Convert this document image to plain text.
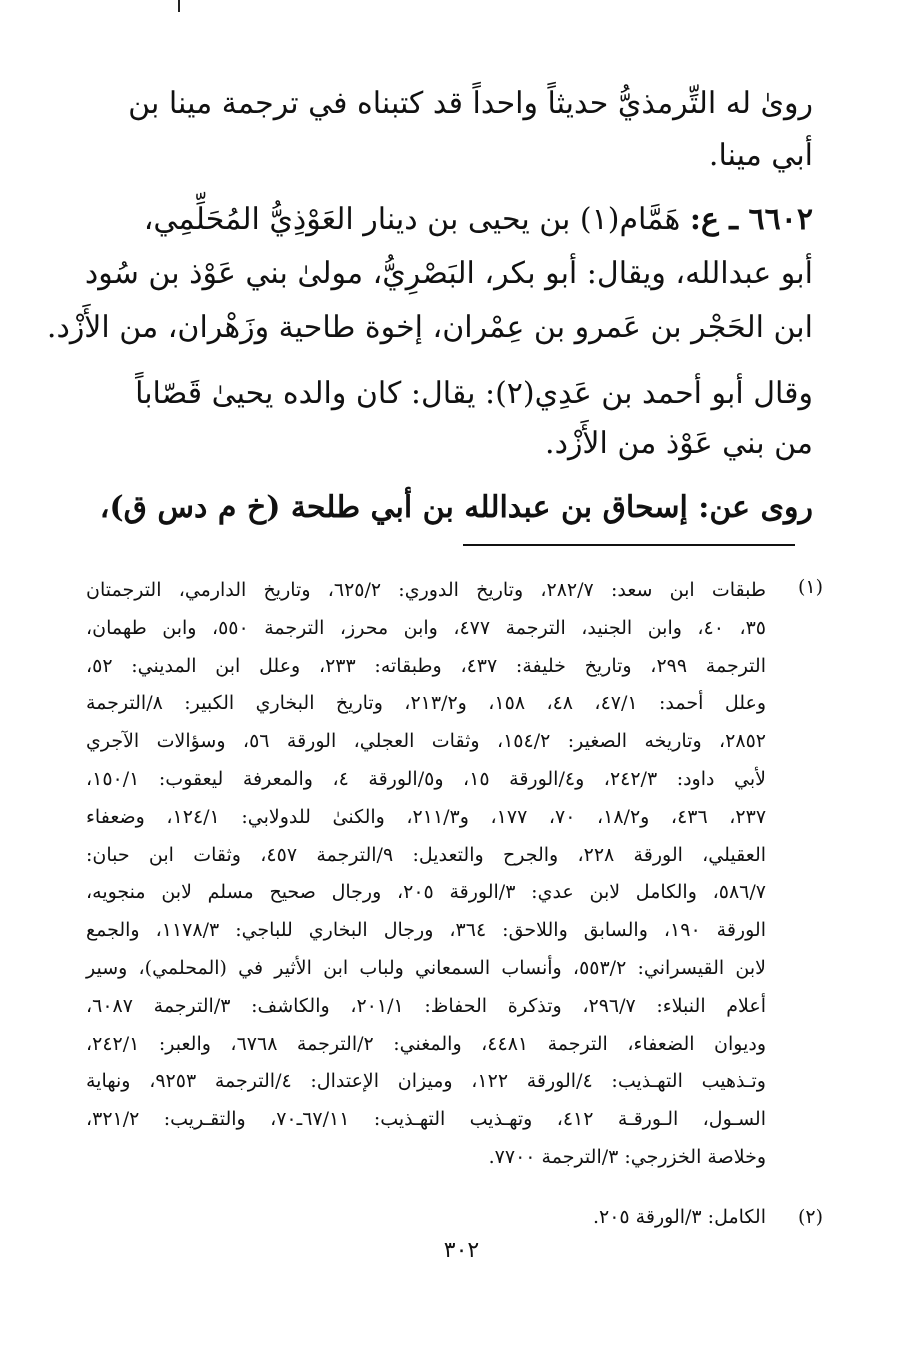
روىٰ له التِّرمذيُّ حديثاً واحداً قد كتبناه في ترجمة مينا بن
أبي مينا.
٦٦٠٢ ـ ع: هَمَّام(١) بن يحيى بن دينار العَوْذِيُّ المُحَلِّمِي،
أبو عبدالله، ويقال: أبو بكر، البَصْرِيُّ، مولىٰ بني عَوْذ بن سُود
ابن الحَجْر بن عَمرو بن عِمْران، إخوة طاحية وزَهْران، من الأَزْد.
وقال أبو أحمد بن عَدِي(٢): يقال: كان والده يحيىٰ قَصّاباً
من بني عَوْذ من الأَزْد.
روى عن: إسحاق بن عبدالله بن أبي طلحة (خ م دس ق)،
(١)
طبقات ابن سعد: ٢٨٢/٧، وتاريخ الدوري: ٦٢٥/٢، وتاريخ الدارمي، الترجمتان
٣٥، ٤٠، وابن الجنيد، الترجمة ٤٧٧، وابن محرز، الترجمة ٥٥٠، وابن طهمان،
الترجمة ٢٩٩، وتاريخ خليفة: ٤٣٧، وطبقاته: ٢٣٣، وعلل ابن المديني: ٥٢،
وعلل أحمد: ٤٧/١، ٤٨، ١٥٨، و٢١٣/٢، وتاريخ البخاري الكبير: ٨/الترجمة
٢٨٥٢، وتاريخه الصغير: ١٥٤/٢، وثقات العجلي، الورقة ٥٦، وسؤالات الآجري
لأبي داود: ٢٤٢/٣، و٤/الورقة ١٥، و٥/الورقة ٤، والمعرفة ليعقوب: ١٥٠/١،
٢٣٧، ٤٣٦، و١٨/٢، ٧٠، ١٧٧، و٢١١/٣، والكنىٰ للدولابي: ١٢٤/١، وضعفاء
العقيلي، الورقة ٢٢٨، والجرح والتعديل: ٩/الترجمة ٤٥٧، وثقات ابن حبان:
٥٨٦/٧، والكامل لابن عدي: ٣/الورقة ٢٠٥، ورجال صحيح مسلم لابن منجويه،
الورقة ١٩٠، والسابق واللاحق: ٣٦٤، ورجال البخاري للباجي: ١١٧٨/٣، والجمع
لابن القيسراني: ٥٥٣/٢، وأنساب السمعاني ولباب ابن الأثير في (المحلمي)، وسير
أعلام النبلاء: ٢٩٦/٧، وتذكرة الحفاظ: ٢٠١/١، والكاشف: ٣/الترجمة ٦٠٨٧،
وديوان الضعفاء، الترجمة ٤٤٨١، والمغني: ٢/الترجمة ٦٧٦٨، والعبر: ٢٤٢/١،
وتـذهيب التهـذيب: ٤/الورقة ١٢٢، وميزان الإعتدال: ٤/الترجمة ٩٢٥٣، ونهاية
السـول، الـورقـة ٤١٢، وتهـذيب التهـذيب: ٦٧/١١ـ٧٠، والتقـريب: ٣٢١/٢،
وخلاصة الخزرجي: ٣/الترجمة ٧٧٠٠.
(٢)
الكامل: ٣/الورقة ٢٠٥.
٣٠٢
